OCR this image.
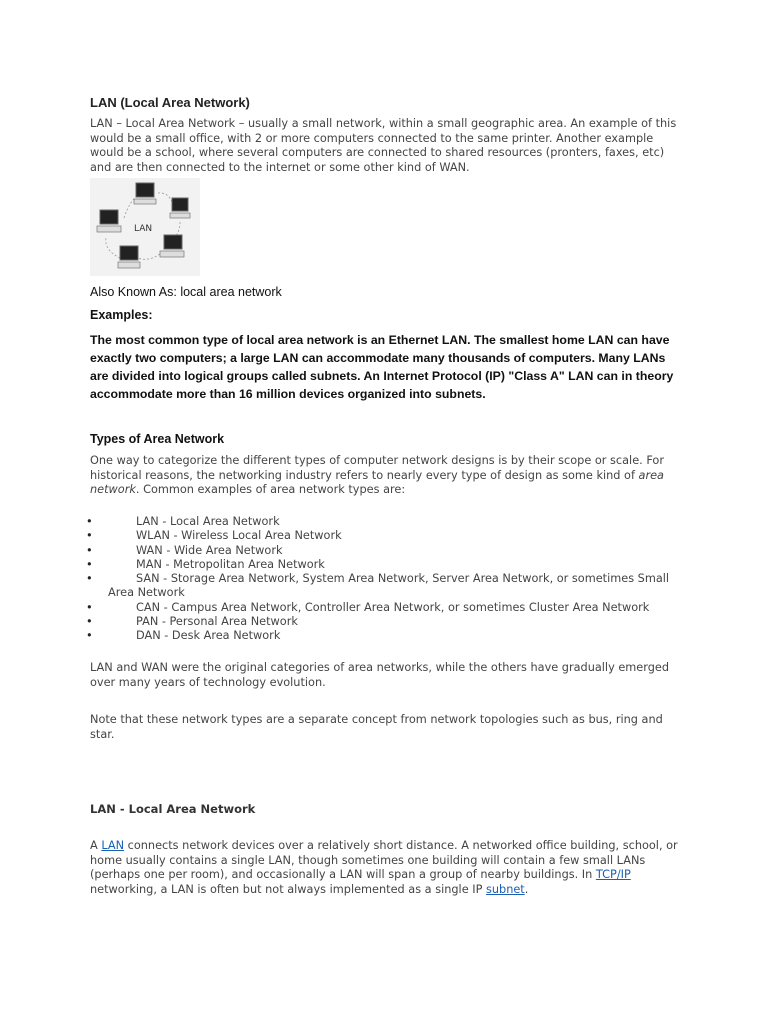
LAN (Local Area Network)
LAN – Local Area Network – usually a small network, within a small geographic area. An example of this would be a small office, with 2 or more computers connected to the same printer. Another example would be a school, where several computers are connected to shared resources (pronters, faxes, etc) and are then connected to the internet or some other kind of WAN.
LAN
Also Known As: local area network
Examples:
The most common type of local area network is an Ethernet LAN. The smallest home LAN can have exactly two computers; a large LAN can accommodate many thousands of computers. Many LANs are divided into logical groups called subnets. An Internet Protocol (IP) "Class A" LAN can in theory accommodate more than 16 million devices organized into subnets.
Types of Area Network
One way to categorize the different types of computer network designs is by their scope or scale. For historical reasons, the networking industry refers to nearly every type of design as some kind of area network. Common examples of area network types are:
•	LAN - Local Area Network
•	WLAN - Wireless Local Area Network
•	WAN - Wide Area Network
•	MAN - Metropolitan Area Network
•	SAN - Storage Area Network, System Area Network, Server Area Network, or sometimes Small
Area Network
•	CAN - Campus Area Network, Controller Area Network, or sometimes Cluster Area Network
•	PAN - Personal Area Network
•	DAN - Desk Area Network
LAN and WAN were the original categories of area networks, while the others have gradually emerged over many years of technology evolution.
Note that these network types are a separate concept from network topologies such as bus, ring and star.
LAN - Local Area Network
A LAN connects network devices over a relatively short distance. A networked office building, school, or home usually contains a single LAN, though sometimes one building will contain a few small LANs (perhaps one per room), and occasionally a LAN will span a group of nearby buildings. In TCP/IP networking, a LAN is often but not always implemented as a single IP subnet.
